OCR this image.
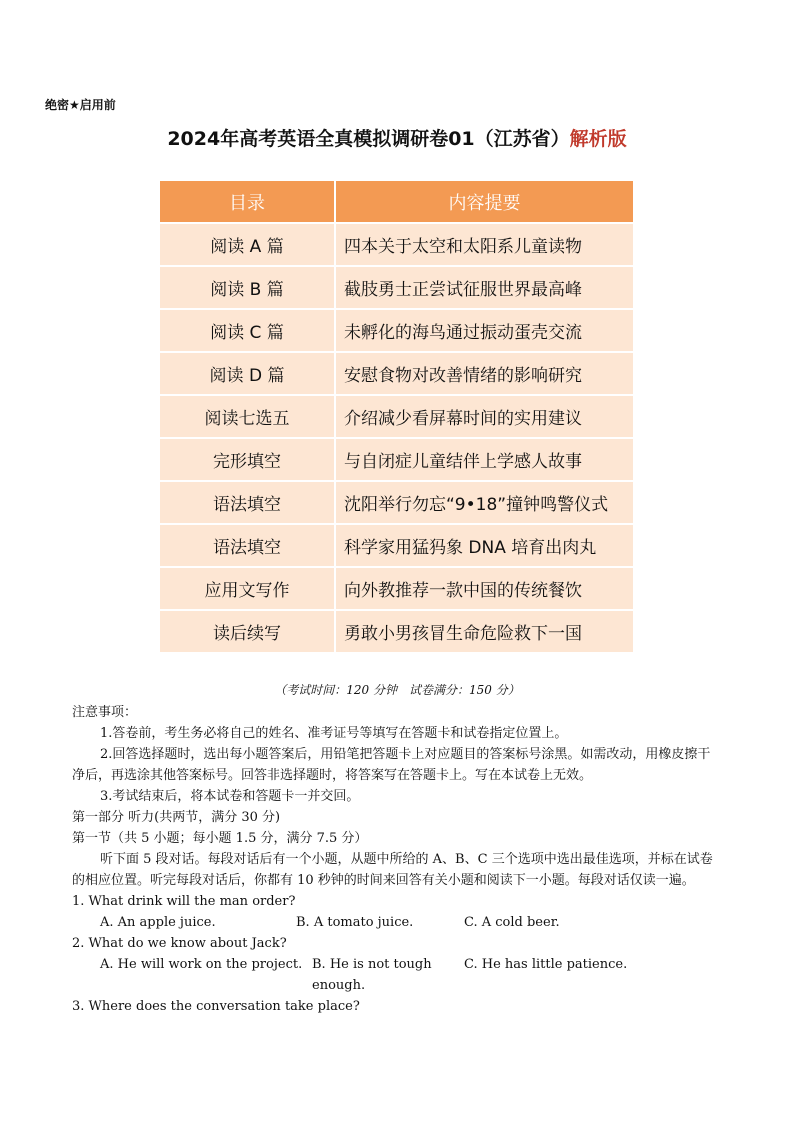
绝密★启用前
2024年高考英语全真模拟调研卷01（江苏省）解析版
目录	内容提要
阅读 A 篇	四本关于太空和太阳系儿童读物
阅读 B 篇	截肢勇士正尝试征服世界最高峰
阅读 C 篇	未孵化的海鸟通过振动蛋壳交流
阅读 D 篇	安慰食物对改善情绪的影响研究
阅读七选五	介绍减少看屏幕时间的实用建议
完形填空	与自闭症儿童结伴上学感人故事
语法填空	沈阳举行勿忘“9•18”撞钟鸣警仪式
语法填空	科学家用猛犸象 DNA 培育出肉丸
应用文写作	向外教推荐一款中国的传统餐饮
读后续写	勇敢小男孩冒生命危险救下一国
（考试时间：120 分钟　试卷满分：150 分）

注意事项：

1.答卷前，考生务必将自己的姓名、准考证号等填写在答题卡和试卷指定位置上。

2.回答选择题时，选出每小题答案后，用铅笔把答题卡上对应题目的答案标号涂黑。如需改动，用橡皮擦干净后，再选涂其他答案标号。回答非选择题时，将答案写在答题卡上。写在本试卷上无效。

3.考试结束后，将本试卷和答题卡一并交回。

第一部分 听力(共两节，满分 30 分)

第一节（共 5 小题；每小题 1.5 分，满分 7.5 分）

听下面 5 段对话。每段对话后有一个小题，从题中所给的 A、B、C 三个选项中选出最佳选项，并标在试卷的相应位置。听完每段对话后，你都有 10 秒钟的时间来回答有关小题和阅读下一小题。每段对话仅读一遍。

1. What drink will the man order?

A. An apple juice.	B. A tomato juice.	C. A cold beer.

2. What do we know about Jack?

A. He will work on the project. B. He is not tough enough.
C. He has little patience.

3. Where does the conversation take place?
